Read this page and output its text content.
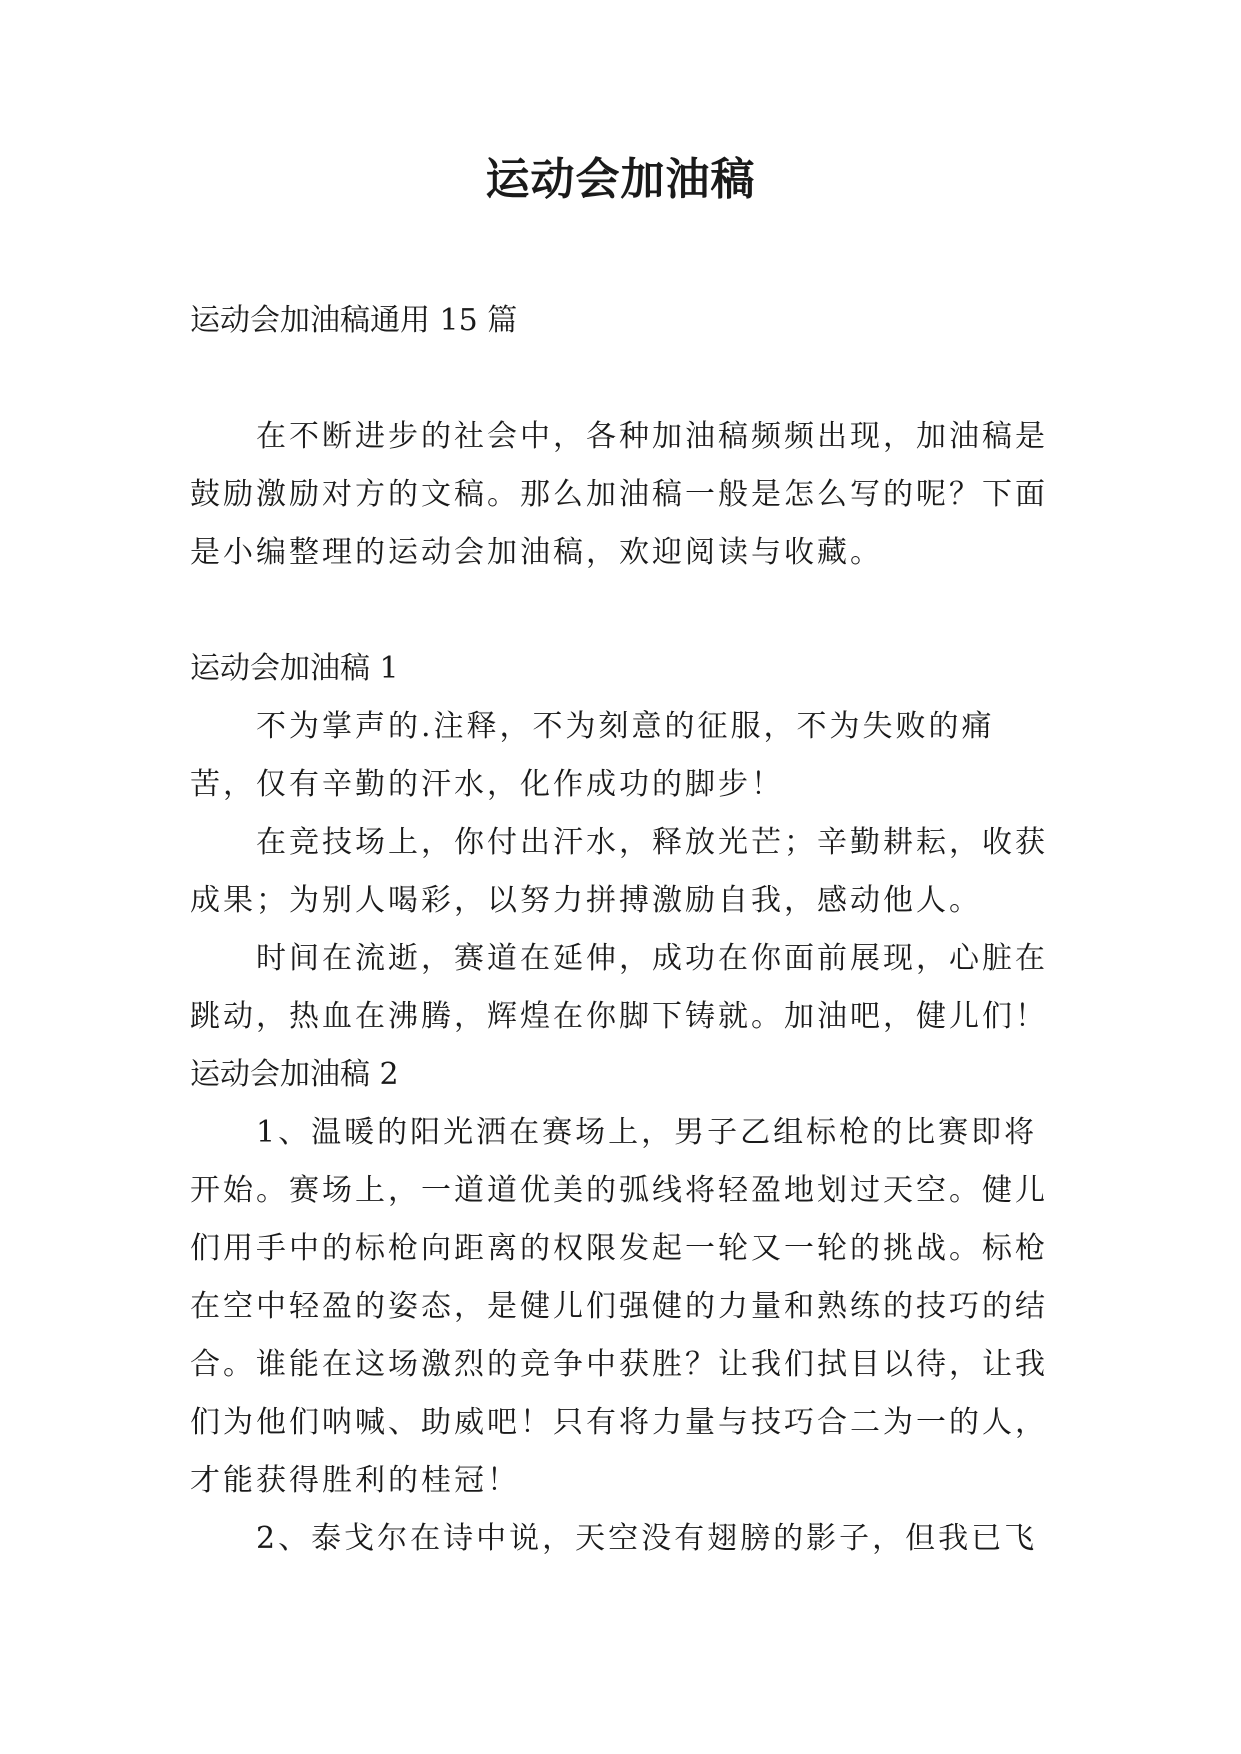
运动会加油稿

运动会加油稿通用 15 篇

在不断进步的社会中，各种加油稿频频出现，加油稿是鼓励激励对方的文稿。那么加油稿一般是怎么写的呢？下面是小编整理的运动会加油稿，欢迎阅读与收藏。

运动会加油稿 1

不为掌声的.注释，不为刻意的征服，不为失败的痛苦，仅有辛勤的汗水，化作成功的脚步！

在竞技场上，你付出汗水，释放光芒；辛勤耕耘，收获成果；为别人喝彩，以努力拼搏激励自我，感动他人。

时间在流逝，赛道在延伸，成功在你面前展现，心脏在跳动，热血在沸腾，辉煌在你脚下铸就。加油吧，健儿们！

运动会加油稿 2

1、温暖的阳光洒在赛场上，男子乙组标枪的比赛即将开始。赛场上，一道道优美的弧线将轻盈地划过天空。健儿们用手中的标枪向距离的权限发起一轮又一轮的挑战。标枪在空中轻盈的姿态，是健儿们强健的力量和熟练的技巧的结合。谁能在这场激烈的竞争中获胜？让我们拭目以待，让我们为他们呐喊、助威吧！只有将力量与技巧合二为一的人，才能获得胜利的桂冠！

2、泰戈尔在诗中说，天空没有翅膀的影子，但我已飞
